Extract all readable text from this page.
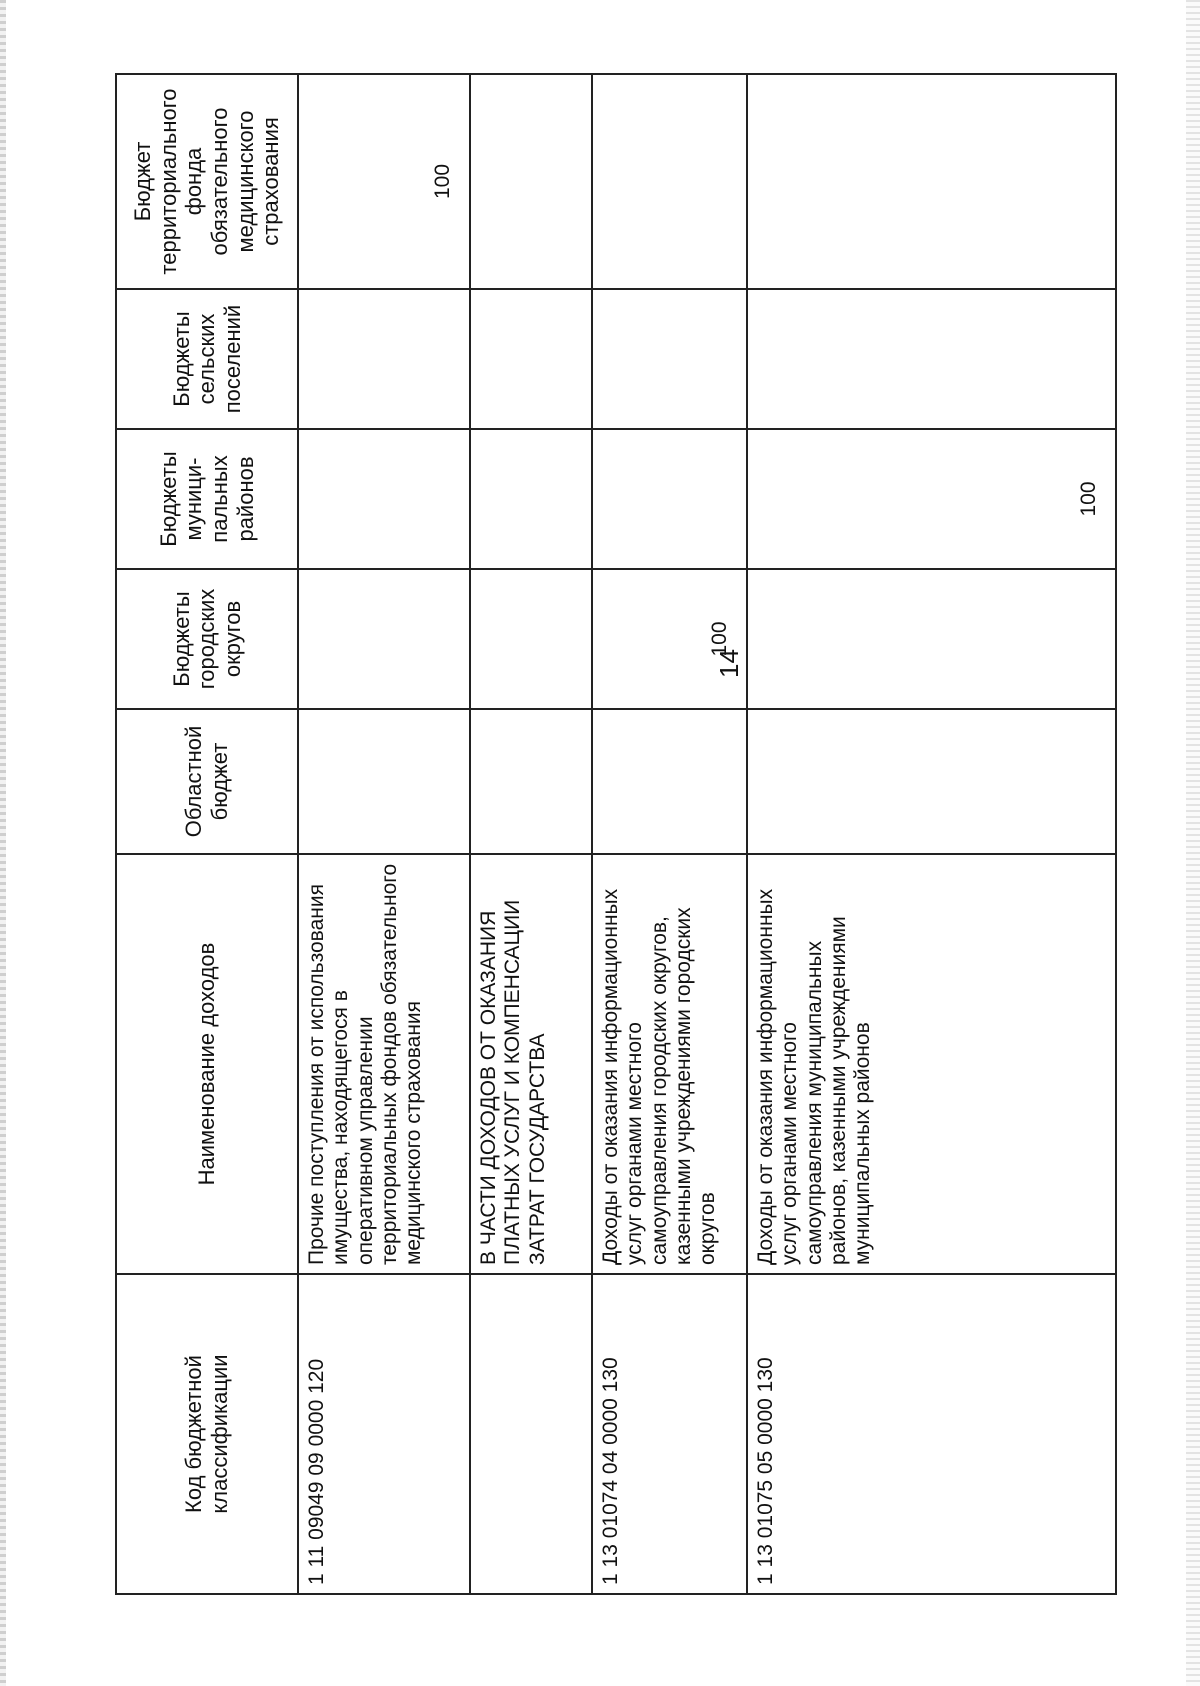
14
Код бюджетной классификации	Наименование доходов	Областной бюджет	Бюджеты городских округов	Бюджеты муници-пальных районов	Бюджеты сельских поселений	Бюджет территориального фонда обязательного медицинского страхования
1 11 09049 09 0000 120	Прочие поступления от использования имущества, находящегося в оперативном управлении территориальных фондов обязательного медицинского страхования					100
	В ЧАСТИ ДОХОДОВ ОТ ОКАЗАНИЯ ПЛАТНЫХ УСЛУГ И КОМПЕНСАЦИИ ЗАТРАТ ГОСУДАРСТВА					
1 13 01074 04 0000 130	Доходы от оказания информационных услуг органами местного самоуправления городских округов, казенными учреждениями городских округов		100			
1 13 01075 05 0000 130	Доходы от оказания информационных услуг органами местного самоуправления муниципальных районов, казенными учреждениями муниципальных районов			100		
